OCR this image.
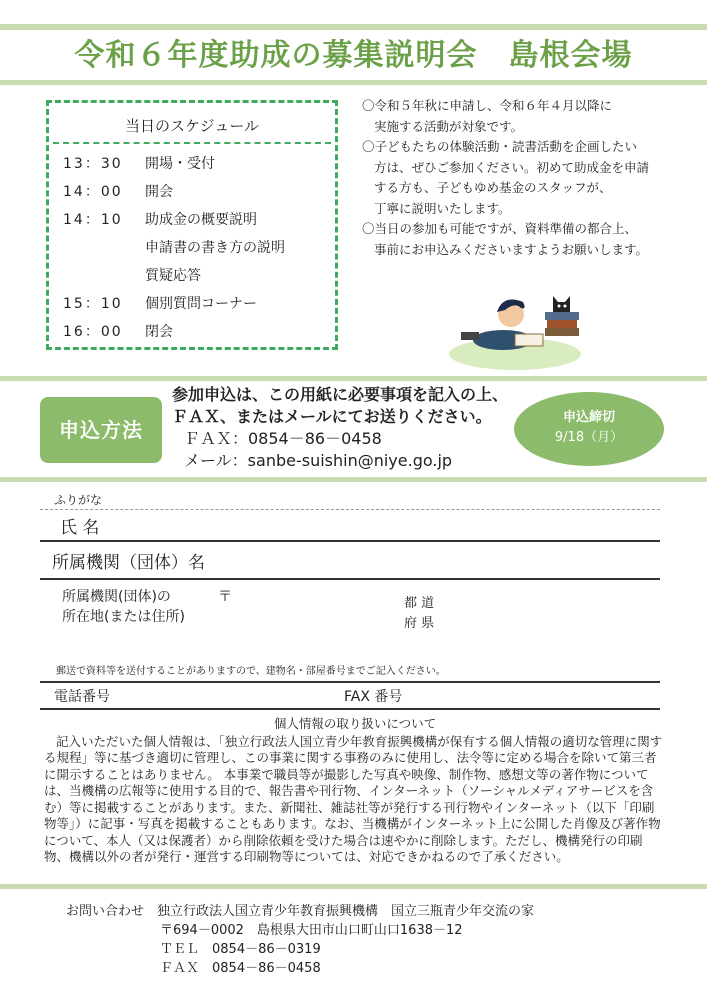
令和６年度助成の募集説明会　島根会場
当日のスケジュール
13：30 開場・受付
14：00 開会
14：10 助成金の概要説明
申請書の書き方の説明
質疑応答
15：10 個別質問コーナー
16：00 閉会
〇令和５年秋に申請し、令和６年４月以降に
実施する活動が対象です。
〇子どもたちの体験活動・読書活動を企画したい
方は、ぜひご参加ください。初めて助成金を申請
する方も、子どもゆめ基金のスタッフが、
丁寧に説明いたします。
〇当日の参加も可能ですが、資料準備の都合上、
事前にお申込みくださいますようお願いします。
申込方法
参加申込は、この用紙に必要事項を記入の上、
ＦＡＸ、またはメールにてお送りください。
ＦＡＸ：0854－86－0458
メール：sanbe-suishin@niye.go.jp
申込締切
9/18（月）
ふりがな
氏 名
所属機関（団体）名
所属機関(団体)の
所在地(または住所)
〒	都 道
府 県
郵送で資料等を送付することがありますので、建物名・部屋番号までご記入ください。
電話番号	FAX 番号
個人情報の取り扱いについて

記入いただいた個人情報は、「独立行政法人国立青少年教育振興機構が保有する個人情報の適切な管理に関する規程」等に基づき適切に管理し、この事業に関する事務のみに使用し、法令等に定める場合を除いて第三者に開示することはありません。 本事業で職員等が撮影した写真や映像、制作物、感想文等の著作物については、当機構の広報等に使用する目的で、報告書や刊行物、インターネット（ソーシャルメディアサービスを含む）等に掲載することがあります。また、新聞社、雑誌社等が発行する刊行物やインターネット（以下「印刷物等」）に記事・写真を掲載することもあります。なお、当機構がインターネット上に公開した肖像及び著作物について、本人（又は保護者）から削除依頼を受けた場合は速やかに削除します。ただし、機構発行の印刷物、機構以外の者が発行・運営する印刷物等については、対応できかねるので了承ください。

お問い合わせ　 独立行政法人国立青少年教育振興機構　国立三瓶青少年交流の家
〒694－0002　島根県大田市山口町山口1638－12
ＴＥＬ　0854－86－0319
ＦＡＸ　0854－86－0458
